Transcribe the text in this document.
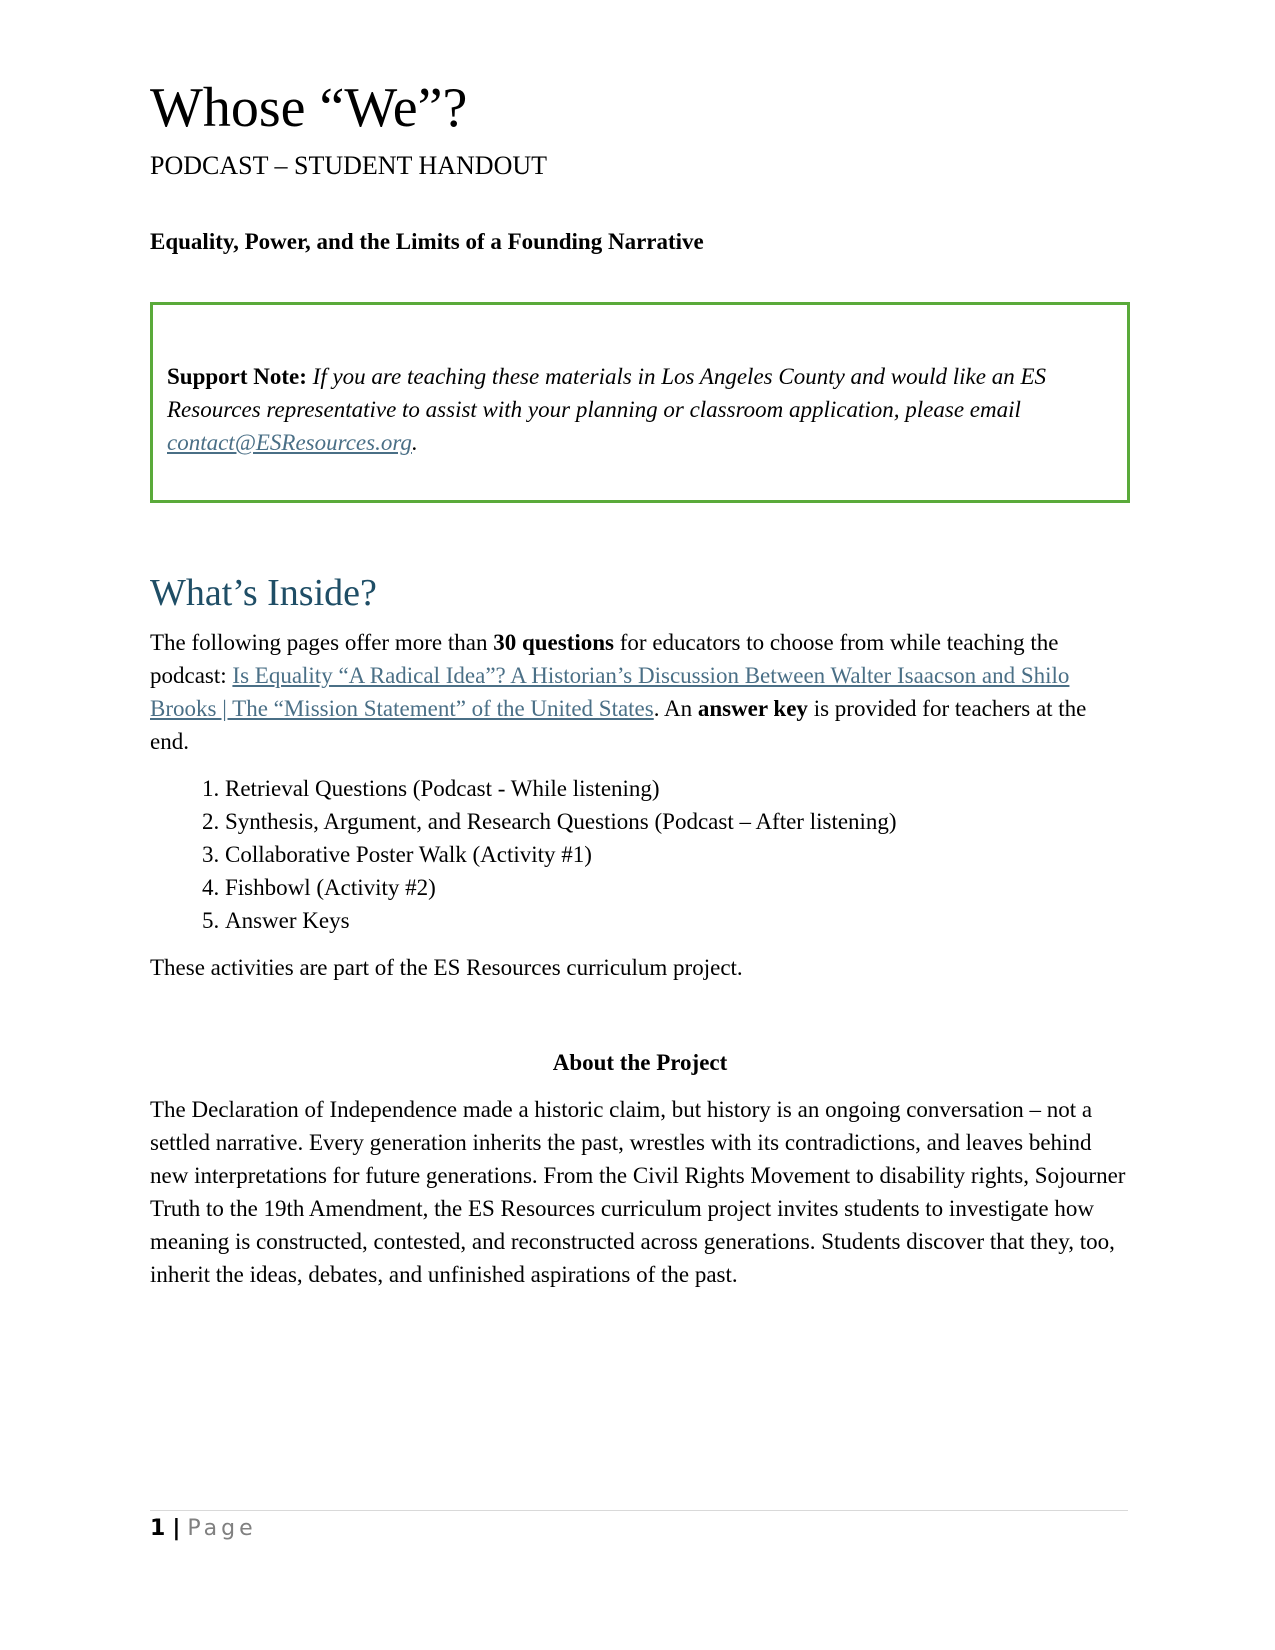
Whose “We”?
PODCAST – STUDENT HANDOUT
Equality, Power, and the Limits of a Founding Narrative
Support Note: If you are teaching these materials in Los Angeles County and would like an ES Resources representative to assist with your planning or classroom application, please email contact@ESResources.org.
What’s Inside?

The following pages offer more than 30 questions for educators to choose from while teaching the podcast: Is Equality “A Radical Idea”? A Historian’s Discussion Between Walter Isaacson and Shilo Brooks | The “Mission Statement” of the United States. An answer key is provided for teachers at the end.

1. Retrieval Questions (Podcast - While listening)
2. Synthesis, Argument, and Research Questions (Podcast – After listening)
3. Collaborative Poster Walk (Activity #1)
4. Fishbowl (Activity #2)
5. Answer Keys

These activities are part of the ES Resources curriculum project.

About the Project

The Declaration of Independence made a historic claim, but history is an ongoing conversation – not a settled narrative. Every generation inherits the past, wrestles with its contradictions, and leaves behind new interpretations for future generations. From the Civil Rights Movement to disability rights, Sojourner Truth to the 19th Amendment, the ES Resources curriculum project invites students to investigate how meaning is constructed, contested, and reconstructed across generations. Students discover that they, too, inherit the ideas, debates, and unfinished aspirations of the past.

1 | Page
